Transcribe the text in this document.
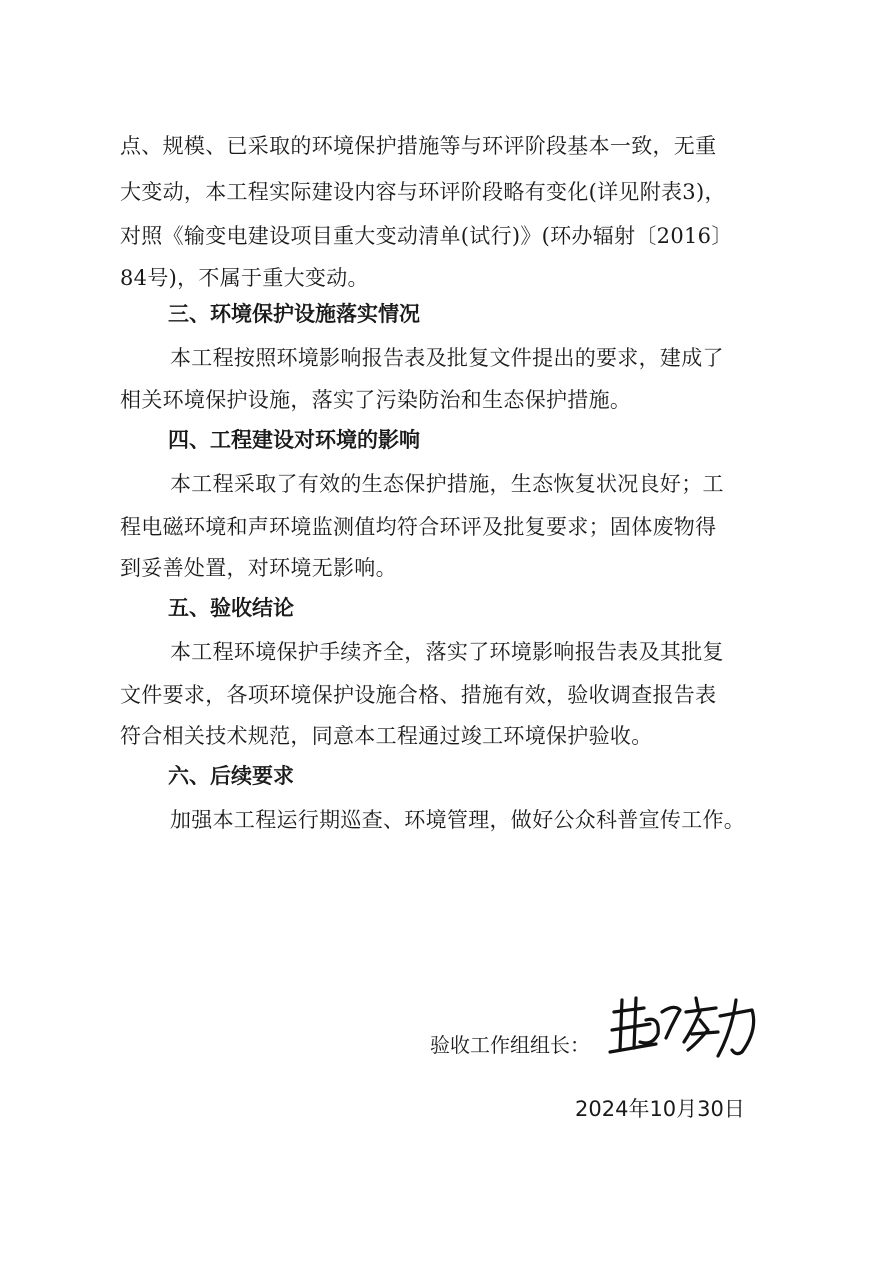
点、规模、已采取的环境保护措施等与环评阶段基本一致，无重
大变动，本工程实际建设内容与环评阶段略有变化(详见附表3)，
对照《输变电建设项目重大变动清单(试行)》(环办辐射〔2016〕
84号)，不属于重大变动。
三、环境保护设施落实情况
本工程按照环境影响报告表及批复文件提出的要求，建成了
相关环境保护设施，落实了污染防治和生态保护措施。
四、工程建设对环境的影响
本工程采取了有效的生态保护措施，生态恢复状况良好；工
程电磁环境和声环境监测值均符合环评及批复要求；固体废物得
到妥善处置，对环境无影响。
五、验收结论
本工程环境保护手续齐全，落实了环境影响报告表及其批复
文件要求，各项环境保护设施合格、措施有效，验收调查报告表
符合相关技术规范，同意本工程通过竣工环境保护验收。
六、后续要求
加强本工程运行期巡查、环境管理，做好公众科普宣传工作。
验收工作组组长：
2024年10月30日
